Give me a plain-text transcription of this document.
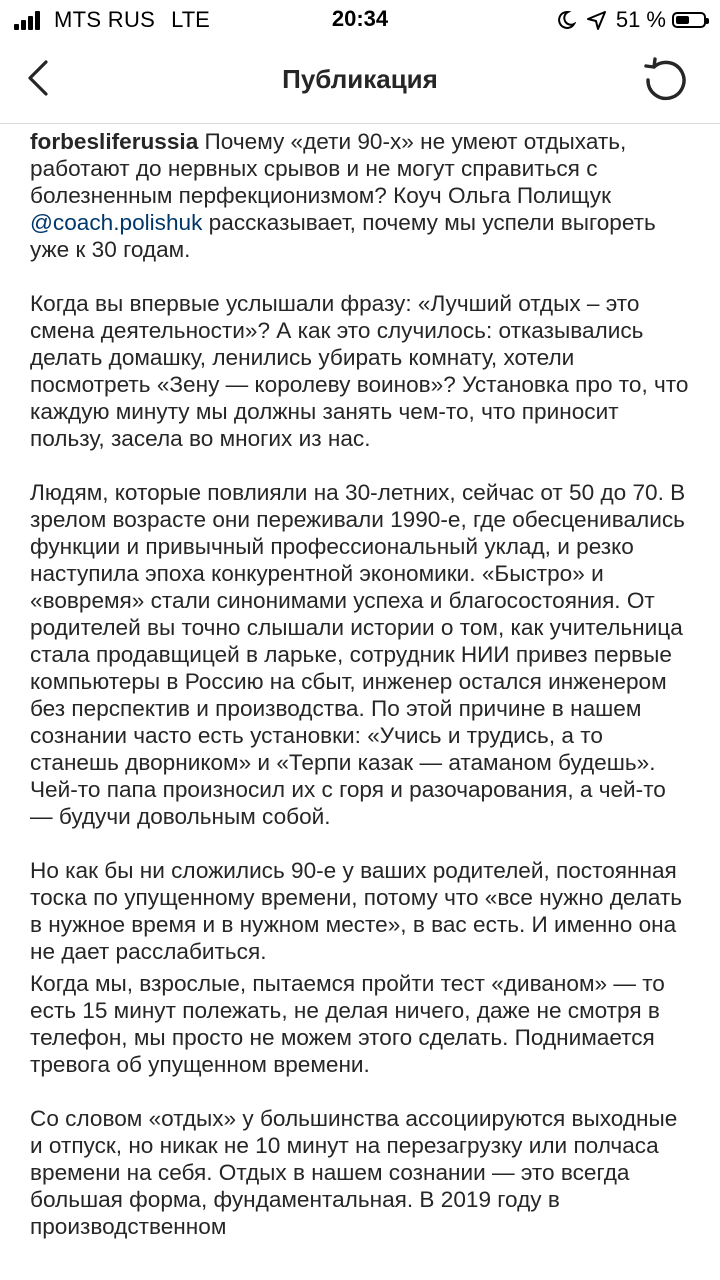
MTS RUS LTE	20:34	51 %
Публикация

forbesliferussia Почему «дети 90-х» не умеют отдыхать, работают до нервных срывов и не могут справиться с болезненным перфекционизмом? Коуч Ольга Полищук @coach.polishuk рассказывает, почему мы успели выгореть уже к 30 годам.

Когда вы впервые услышали фразу: «Лучший отдых – это смена деятельности»? А как это случилось: отказывались делать домашку, ленились убирать комнату, хотели посмотреть «Зену — королеву воинов»? Установка про то, что каждую минуту мы должны занять чем-то, что приносит пользу, засела во многих из нас.

Людям, которые повлияли на 30-летних, сейчас от 50 до 70. В зрелом возрасте они переживали 1990-е, где обесценивались функции и привычный профессиональный уклад, и резко наступила эпоха конкурентной экономики. «Быстро» и «вовремя» стали синонимами успеха и благосостояния. От родителей вы точно слышали истории о том, как учительница стала продавщицей в ларьке, сотрудник НИИ привез первые компьютеры в Россию на сбыт, инженер остался инженером без перспектив и производства. По этой причине в нашем сознании часто есть установки: «Учись и трудись, а то станешь дворником» и «Терпи казак — атаманом будешь». Чей-то папа произносил их с горя и разочарования, а чей-то — будучи довольным собой.

Но как бы ни сложились 90-е у ваших родителей, постоянная тоска по упущенному времени, потому что «все нужно делать в нужное время и в нужном месте», в вас есть. И именно она не дает расслабиться.

Когда мы, взрослые, пытаемся пройти тест «диваном» — то есть 15 минут полежать, не делая ничего, даже не смотря в телефон, мы просто не можем этого сделать. Поднимается тревога об упущенном времени.

Со словом «отдых» у большинства ассоциируются выходные и отпуск, но никак не 10 минут на перезагрузку или полчаса времени на себя. Отдых в нашем сознании — это всегда большая форма, фундаментальная. В 2019 году в производственном
